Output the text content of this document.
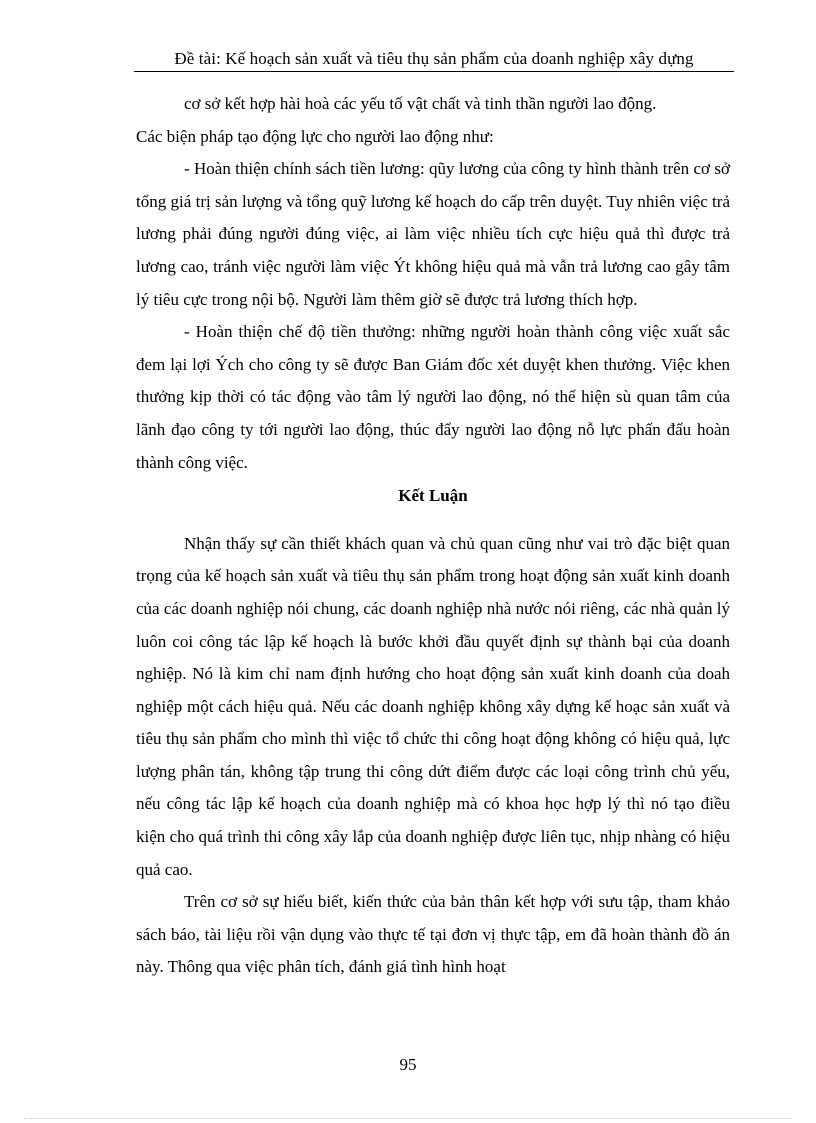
Đề tài: Kế hoạch sản xuất và tiêu thụ sản phẩm của doanh nghiệp xây dựng

cơ sở kết hợp hài hoà các yếu tố vật chất và tinh thần người lao động.

Các biện pháp tạo động lực cho người lao động như:

- Hoàn thiện chính sách tiền lương: qũy lương của công ty hình thành trên cơ sở tổng giá trị sản lượng và tổng quỹ lương kế hoạch do cấp trên duyệt. Tuy nhiên việc trả lương phải đúng người đúng việc, ai làm việc nhiều tích cực hiệu quả thì được trả lương cao, tránh việc người làm việc Ýt không hiệu quả mà vẫn trả lương cao gây tâm lý tiêu cực trong nội bộ. Người làm thêm giờ sẽ được trả lương thích hợp.

- Hoàn thiện chế độ tiền thưởng: những người hoàn thành công việc xuất sắc đem lại lợi Ých cho công ty sẽ được Ban Giám đốc xét duyệt khen thưởng. Việc khen thưởng kịp thời có tác động vào tâm lý người lao động, nó thể hiện sù quan tâm của lãnh đạo công ty tới người lao động, thúc đẩy người lao động nỗ lực phấn đấu hoàn thành công việc.

Kết Luận

Nhận thấy sự cần thiết khách quan và chủ quan cũng như vai trò đặc biệt quan trọng của kế hoạch sản xuất và tiêu thụ sản phẩm trong hoạt động sản xuất kinh doanh của các doanh nghiệp nói chung, các doanh nghiệp nhà nước nói riêng, các nhà quản lý luôn coi công tác lập kế hoạch là bước khởi đầu quyết định sự thành bại của doanh nghiệp. Nó là kim chỉ nam định hướng cho hoạt động sản xuất kinh doanh của doah nghiệp một cách hiệu quả. Nếu các doanh nghiệp không xây dựng kế hoạc sản xuất và tiêu thụ sản phẩm cho mình thì việc tổ chức thi công hoạt động không có hiệu quả, lực lượng phân tán, không tập trung thi công dứt điểm được các loại công trình chủ yếu, nếu công tác lập kế hoạch của doanh nghiệp mà có khoa học hợp lý thì nó tạo điều kiện cho quá trình thi công xây lắp của doanh nghiệp được liên tục, nhịp nhàng có hiệu quả cao.

Trên cơ sở sự hiểu biết, kiến thức của bản thân kết hợp với sưu tập, tham khảo sách báo, tài liệu rồi vận dụng vào thực tế tại đơn vị thực tập, em đã hoàn thành đồ án này. Thông qua việc phân tích, đánh giá tình hình hoạt

95
